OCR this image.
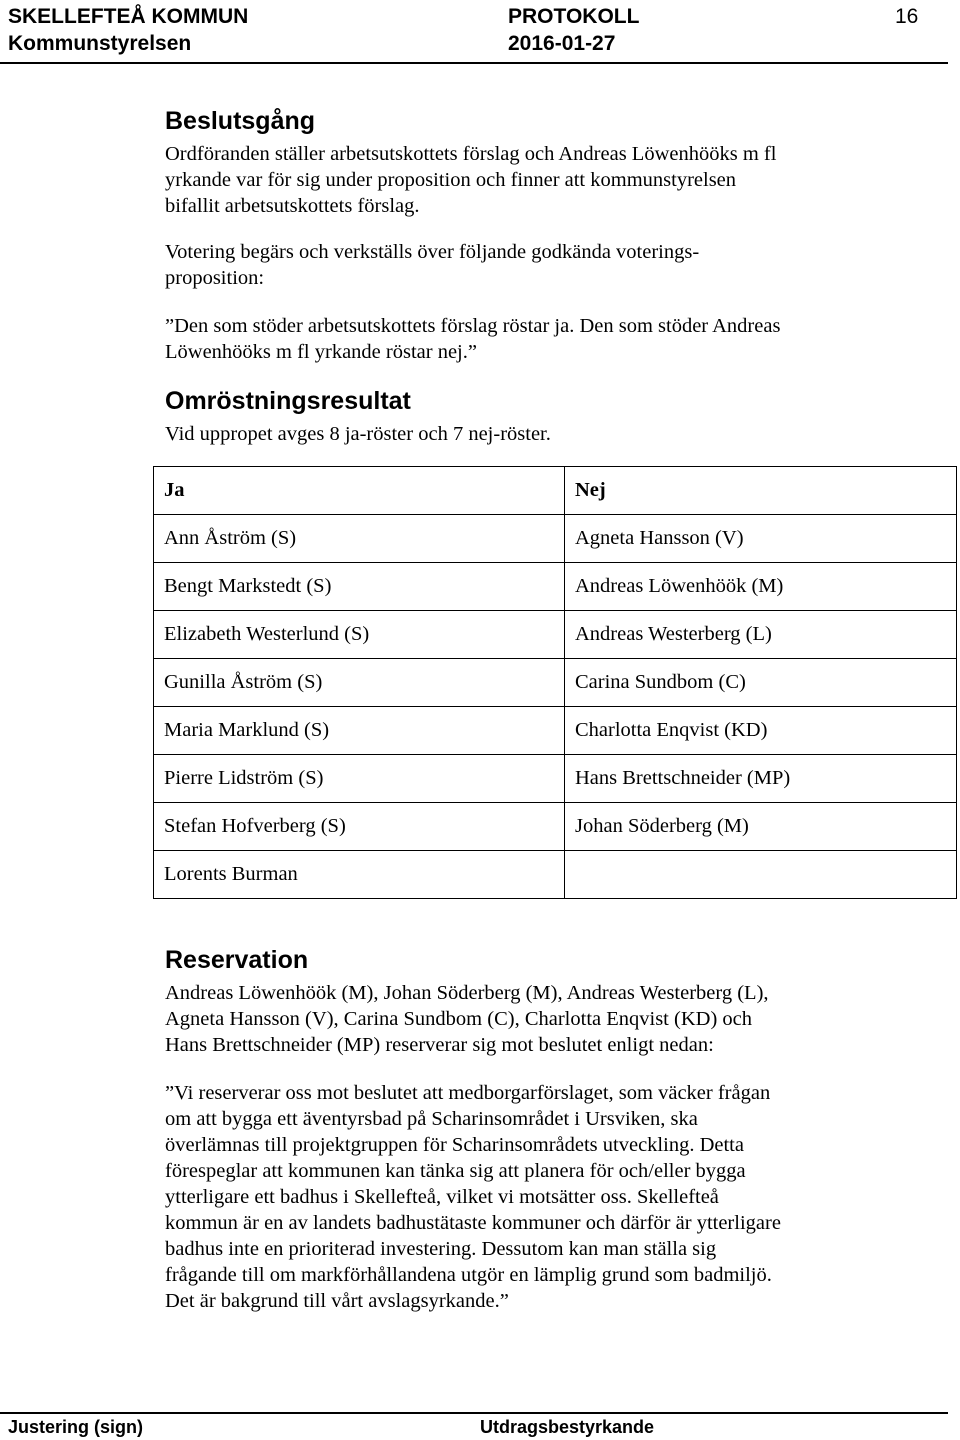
SKELLEFTEÅ KOMMUN
Kommunstyrelsen
PROTOKOLL
2016-01-27
16
Beslutsgång
Ordföranden ställer arbetsutskottets förslag och Andreas Löwenhööks m fl
yrkande var för sig under proposition och finner att kommunstyrelsen
bifallit arbetsutskottets förslag.
Votering begärs och verkställs över följande godkända voterings-
proposition:
”Den som stöder arbetsutskottets förslag röstar ja. Den som stöder Andreas
Löwenhööks m fl yrkande röstar nej.”
Omröstningsresultat
Vid uppropet avges 8 ja-röster och 7 nej-röster.
Ja	Nej
Ann Åström (S)	Agneta Hansson (V)
Bengt Markstedt (S)	Andreas Löwenhöök (M)
Elizabeth Westerlund (S)	Andreas Westerberg (L)
Gunilla Åström (S)	Carina Sundbom (C)
Maria Marklund (S)	Charlotta Enqvist (KD)
Pierre Lidström (S)	Hans Brettschneider (MP)
Stefan Hofverberg (S)	Johan Söderberg (M)
Lorents Burman	
Reservation
Andreas Löwenhöök (M), Johan Söderberg (M), Andreas Westerberg (L),
Agneta Hansson (V), Carina Sundbom (C), Charlotta Enqvist (KD) och
Hans Brettschneider (MP) reserverar sig mot beslutet enligt nedan:
”Vi reserverar oss mot beslutet att medborgarförslaget, som väcker frågan
om att bygga ett äventyrsbad på Scharinsområdet i Ursviken, ska
överlämnas till projektgruppen för Scharinsområdets utveckling. Detta
förespeglar att kommunen kan tänka sig att planera för och/eller bygga
ytterligare ett badhus i Skellefteå, vilket vi motsätter oss. Skellefteå
kommun är en av landets badhustätaste kommuner och därför är ytterligare
badhus inte en prioriterad investering. Dessutom kan man ställa sig
frågande till om markförhållandena utgör en lämplig grund som badmiljö.
Det är bakgrund till vårt avslagsyrkande.”
Justering (sign)	Utdragsbestyrkande
